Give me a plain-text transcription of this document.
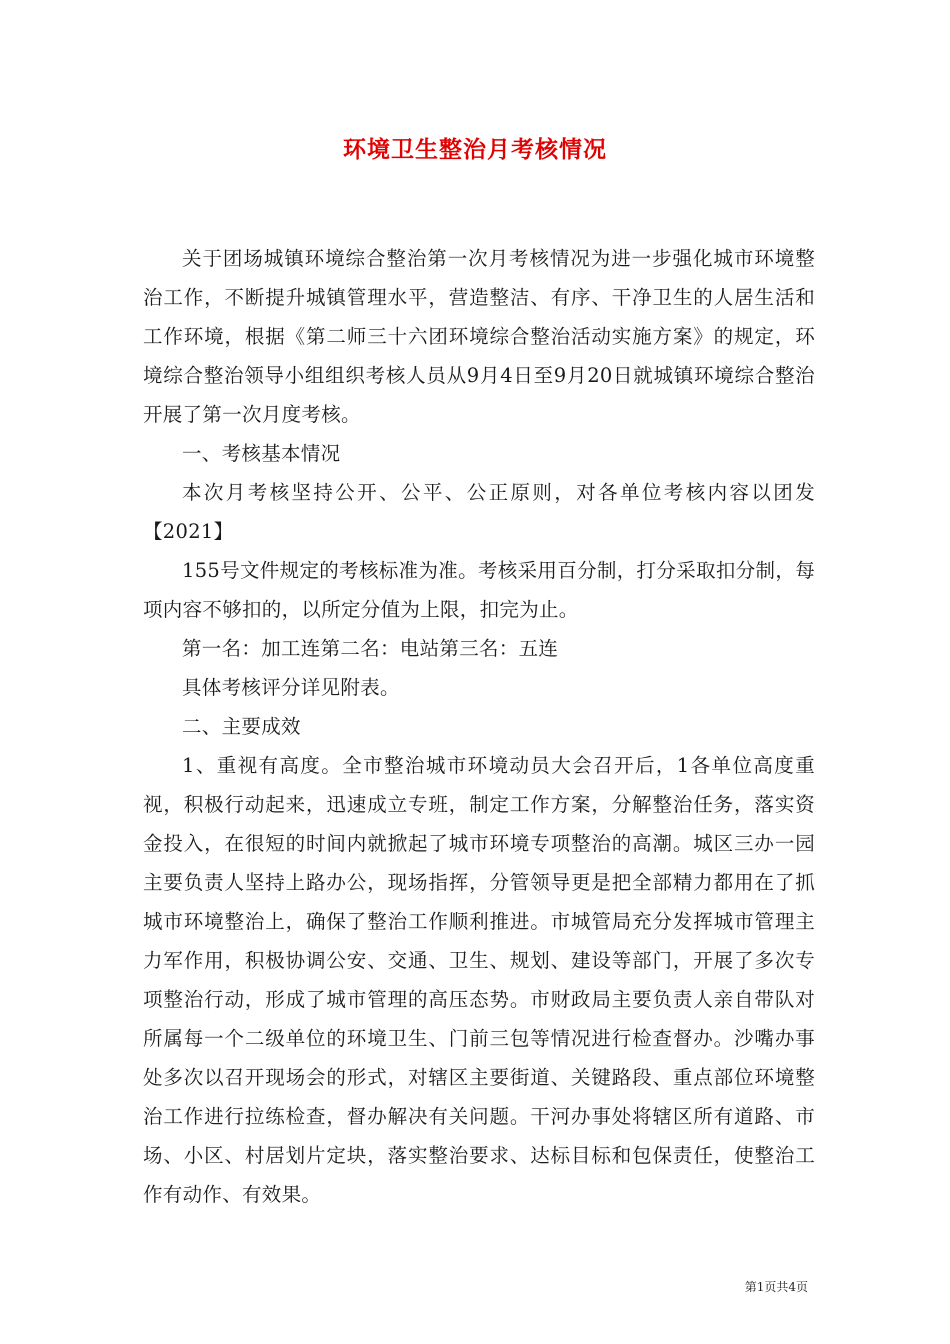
环境卫生整治月考核情况

关于团场城镇环境综合整治第一次月考核情况为进一步强化城市环境整治工作，不断提升城镇管理水平，营造整洁、有序、干净卫生的人居生活和工作环境，根据《第二师三十六团环境综合整治活动实施方案》的规定，环境综合整治领导小组组织考核人员从9月4日至9月20日就城镇环境综合整治开展了第一次月度考核。

一、考核基本情况

本次月考核坚持公开、公平、公正原则，对各单位考核内容以团发【2021】

155号文件规定的考核标准为准。考核采用百分制，打分采取扣分制，每项内容不够扣的，以所定分值为上限，扣完为止。

第一名：加工连第二名：电站第三名：五连

具体考核评分详见附表。

二、主要成效

1、重视有高度。全市整治城市环境动员大会召开后，1各单位高度重视，积极行动起来，迅速成立专班，制定工作方案，分解整治任务，落实资金投入，在很短的时间内就掀起了城市环境专项整治的高潮。城区三办一园主要负责人坚持上路办公，现场指挥，分管领导更是把全部精力都用在了抓城市环境整治上，确保了整治工作顺利推进。市城管局充分发挥城市管理主力军作用，积极协调公安、交通、卫生、规划、建设等部门，开展了多次专项整治行动，形成了城市管理的高压态势。市财政局主要负责人亲自带队对所属每一个二级单位的环境卫生、门前三包等情况进行检查督办。沙嘴办事处多次以召开现场会的形式，对辖区主要街道、关键路段、重点部位环境整治工作进行拉练检查，督办解决有关问题。干河办事处将辖区所有道路、市场、小区、村居划片定块，落实整治要求、达标目标和包保责任，使整治工作有动作、有效果。

第1页共4页
